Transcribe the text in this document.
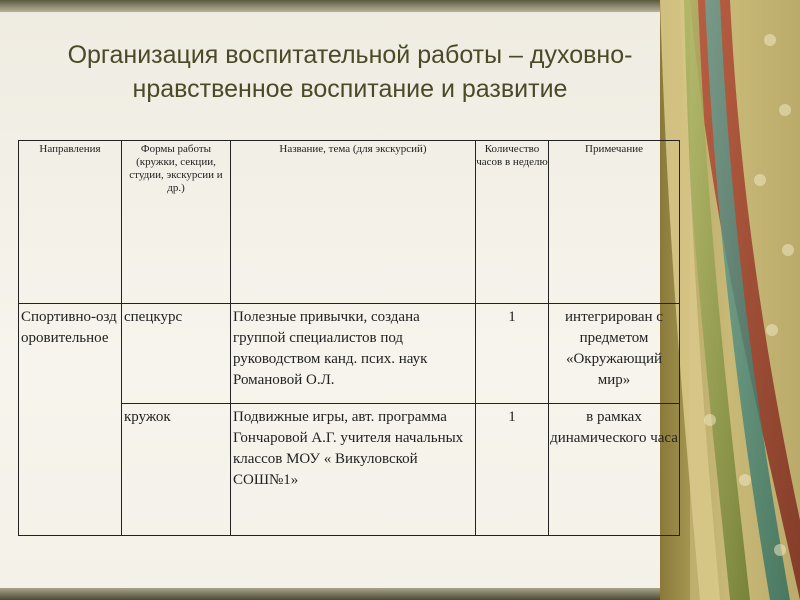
Организация воспитательной работы – духовно-нравственное воспитание и развитие
Направления	Формы работы (кружки, секции, студии, экскурсии и др.)	Название, тема (для экскурсий)	Количество часов в неделю	Примечание
Спортивно-оздоровительное	спецкурс	Полезные привычки, создана группой специалистов под руководством канд. псих. наук Романовой О.Л.	1	интегрирован с предметом «Окружающий мир»
	кружок	Подвижные игры, авт. программа Гончаровой А.Г. учителя начальных классов МОУ « Викуловской СОШ№1»	1	в рамках динамического часа
